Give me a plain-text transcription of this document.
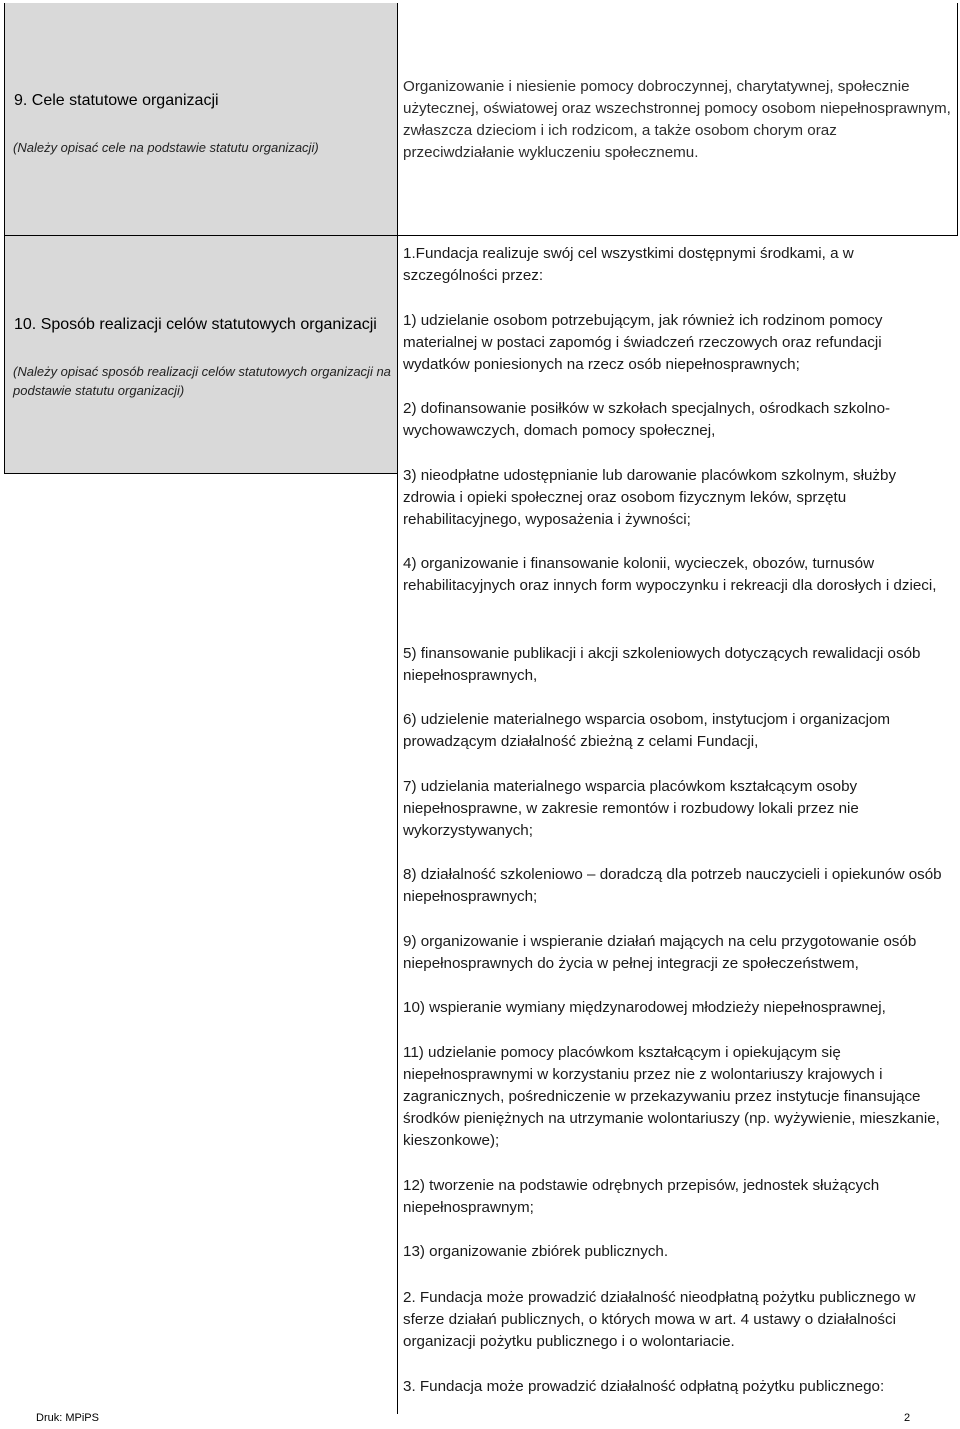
9. Cele statutowe organizacji
(Należy opisać cele na podstawie statutu organizacji)
Organizowanie i niesienie pomocy dobroczynnej, charytatywnej, społecznie użytecznej, oświatowej oraz wszechstronnej pomocy osobom niepełnosprawnym, zwłaszcza dzieciom i ich rodzicom, a także osobom chorym oraz przeciwdziałanie wykluczeniu społecznemu.
10. Sposób realizacji celów statutowych organizacji
(Należy opisać sposób realizacji celów statutowych organizacji na podstawie statutu organizacji)
1.Fundacja realizuje swój cel wszystkimi dostępnymi środkami, a w szczególności przez:
1) udzielanie osobom potrzebującym, jak również ich rodzinom pomocy materialnej w postaci zapomóg i świadczeń rzeczowych oraz refundacji wydatków poniesionych na rzecz osób niepełnosprawnych;
2) dofinansowanie posiłków w szkołach specjalnych, ośrodkach szkolno-wychowawczych, domach pomocy społecznej,
3) nieodpłatne udostępnianie lub darowanie placówkom szkolnym, służby zdrowia i opieki społecznej oraz osobom fizycznym leków, sprzętu rehabilitacyjnego, wyposażenia i żywności;
4) organizowanie i finansowanie kolonii, wycieczek, obozów, turnusów rehabilitacyjnych oraz innych form wypoczynku i rekreacji dla dorosłych i dzieci,
5) finansowanie publikacji i akcji szkoleniowych dotyczących rewalidacji osób niepełnosprawnych,
6) udzielenie materialnego wsparcia osobom, instytucjom i organizacjom prowadzącym działalność zbieżną z celami Fundacji,
7) udzielania materialnego wsparcia placówkom kształcącym osoby niepełnosprawne, w zakresie remontów i rozbudowy lokali przez nie wykorzystywanych;
8) działalność szkoleniowo – doradczą dla potrzeb nauczycieli i opiekunów osób niepełnosprawnych;
9) organizowanie i wspieranie działań mających na celu przygotowanie osób niepełnosprawnych do życia w pełnej integracji ze społeczeństwem,
10) wspieranie wymiany międzynarodowej młodzieży niepełnosprawnej,
11) udzielanie pomocy placówkom kształcącym i opiekującym się niepełnosprawnymi w korzystaniu przez nie z wolontariuszy krajowych i zagranicznych, pośredniczenie w przekazywaniu przez instytucje finansujące środków pieniężnych na utrzymanie wolontariuszy (np. wyżywienie, mieszkanie, kieszonkowe);
12) tworzenie na podstawie odrębnych przepisów, jednostek służących niepełnosprawnym;
13) organizowanie zbiórek publicznych.
2. Fundacja może prowadzić działalność nieodpłatną pożytku publicznego w sferze działań publicznych, o których mowa w art. 4 ustawy o działalności organizacji pożytku publicznego i o wolontariacie.
3. Fundacja może prowadzić działalność odpłatną pożytku publicznego:
Druk: MPiPS	2
